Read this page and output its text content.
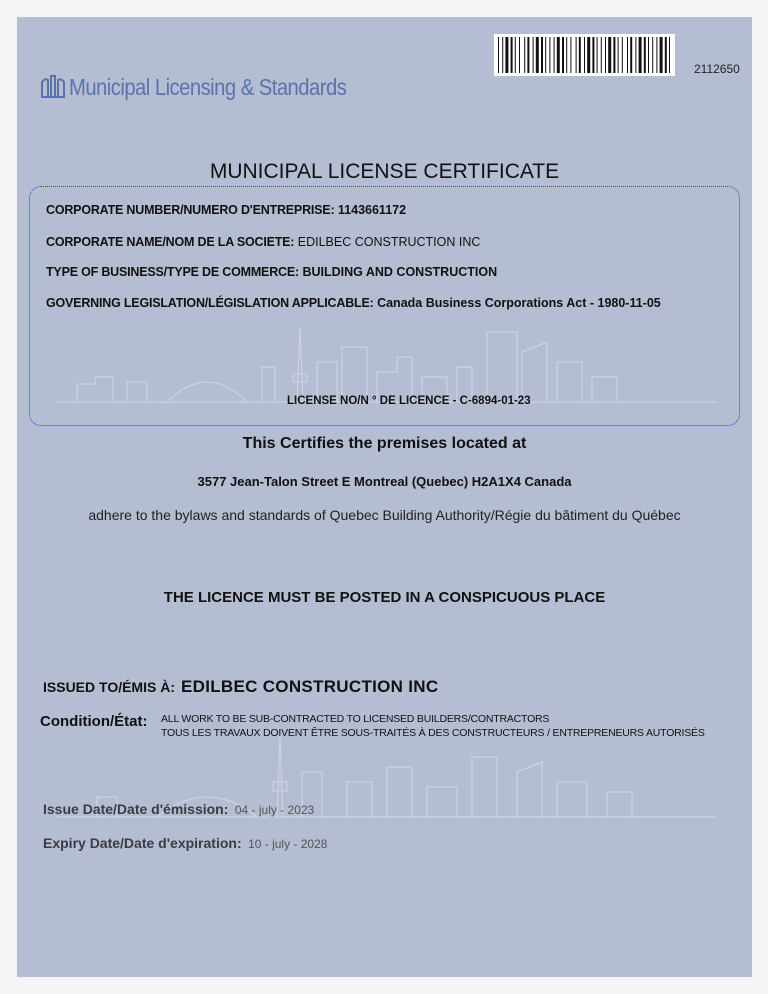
2112650
Municipal Licensing & Standards
MUNICIPAL LICENSE CERTIFICATE
CORPORATE NUMBER/NUMERO D'ENTREPRISE: 1143661172
CORPORATE NAME/NOM DE LA SOCIETE: EDILBEC CONSTRUCTION INC
TYPE OF BUSINESS/TYPE DE COMMERCE: BUILDING AND CONSTRUCTION
GOVERNING LEGISLATION/LÉGISLATION APPLICABLE: Canada Business Corporations Act - 1980-11-05
LICENSE NO/N ° DE LICENCE - C-6894-01-23
This Certifies the premises located at
3577 Jean-Talon Street E Montreal (Quebec) H2A1X4 Canada
adhere to the bylaws and standards of Quebec Building Authority/Régie du bâtiment du Québec
THE LICENCE MUST BE POSTED IN A CONSPICUOUS PLACE
ISSUED TO/ÉMIS À: EDILBEC CONSTRUCTION INC
Condition/État: ALL WORK TO BE SUB-CONTRACTED TO LICENSED BUILDERS/CONTRACTORS
TOUS LES TRAVAUX DOIVENT ÊTRE SOUS-TRAITÉS À DES CONSTRUCTEURS / ENTREPRENEURS AUTORISÉS
Issue Date/Date d'émission: 04 - july - 2023
Expiry Date/Date d'expiration: 10 - july - 2028
